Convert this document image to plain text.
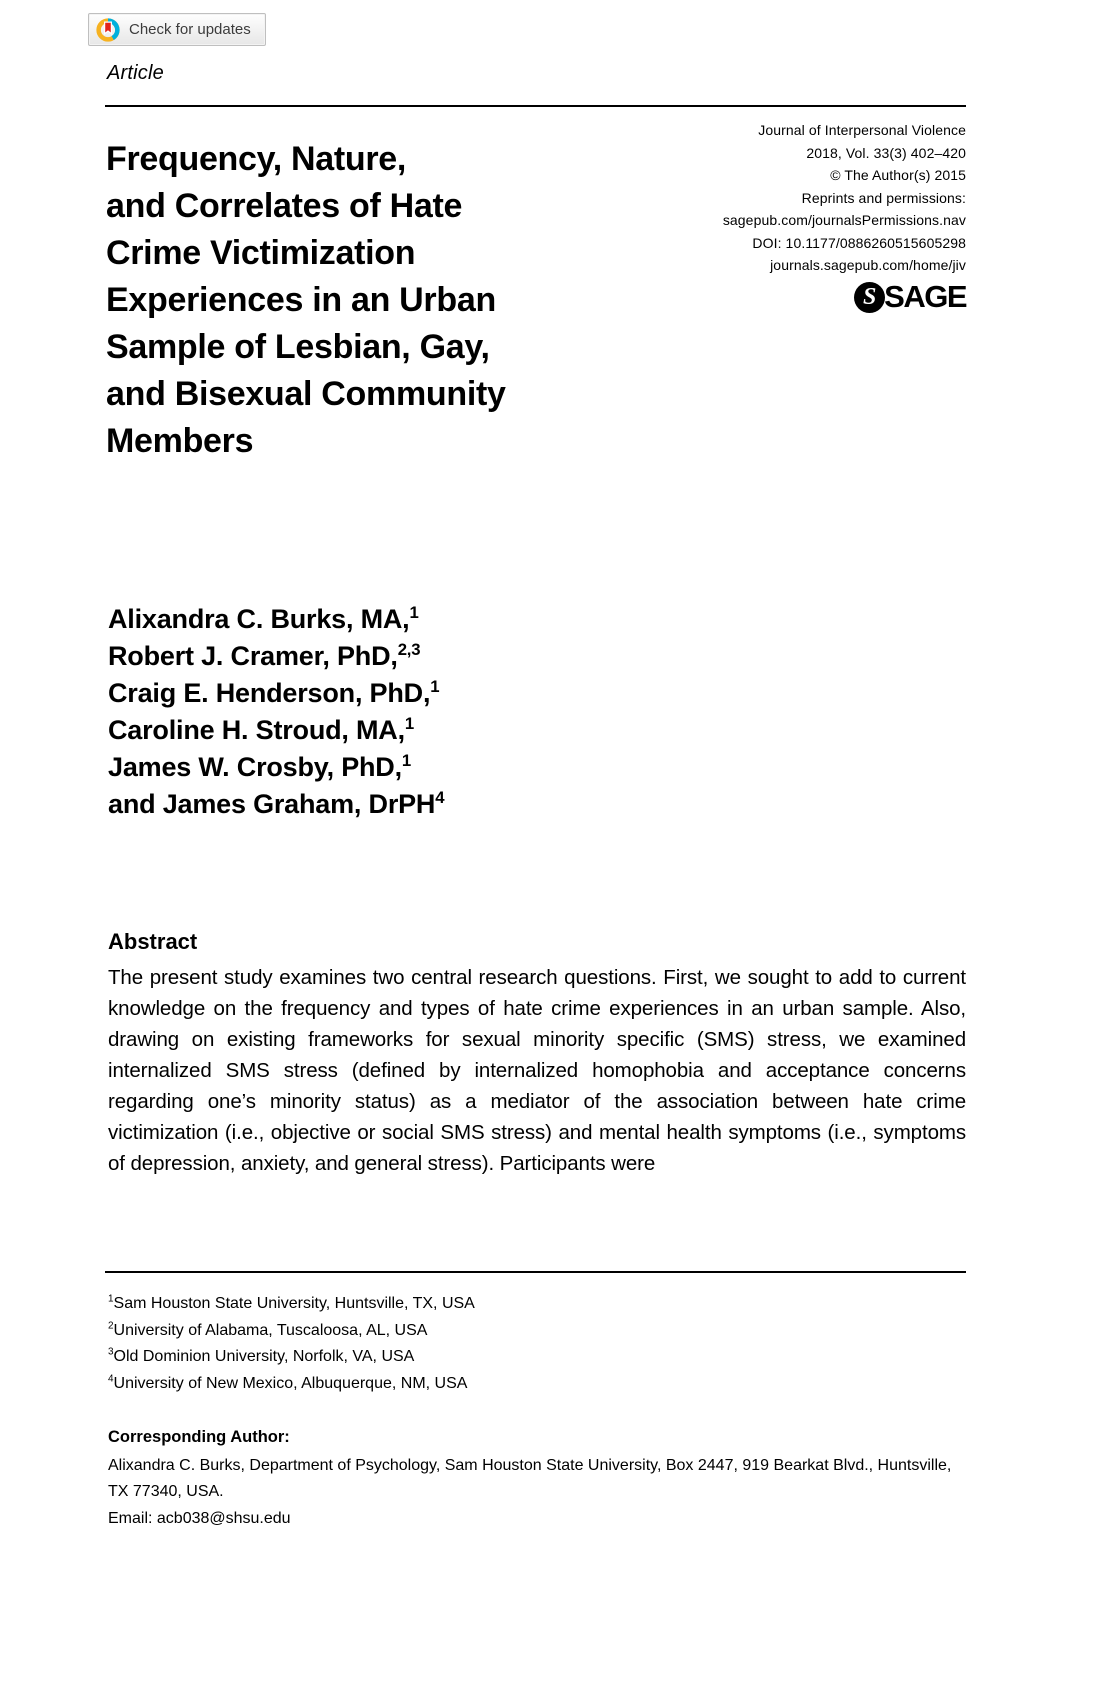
Check for updates
Article
Journal of Interpersonal Violence
2018, Vol. 33(3) 402–420
© The Author(s) 2015
Reprints and permissions:
sagepub.com/journalsPermissions.nav
DOI: 10.1177/0886260515605298
journals.sagepub.com/home/jiv
S SAGE
Frequency, Nature,
and Correlates of Hate
Crime Victimization
Experiences in an Urban
Sample of Lesbian, Gay,
and Bisexual Community
Members
Alixandra C. Burks, MA,$^1$
Robert J. Cramer, PhD,$^{2,3}$
Craig E. Henderson, PhD,$^1$
Caroline H. Stroud, MA,$^1$
James W. Crosby, PhD,$^1$
and James Graham, DrPH$^4$
Abstract

The present study examines two central research questions. First, we sought to add to current knowledge on the frequency and types of hate crime experiences in an urban sample. Also, drawing on existing frameworks for sexual minority specific (SMS) stress, we examined internalized SMS stress (defined by internalized homophobia and acceptance concerns regarding one’s minority status) as a mediator of the association between hate crime victimization (i.e., objective or social SMS stress) and mental health symptoms (i.e., symptoms of depression, anxiety, and general stress). Participants were

$^1$Sam Houston State University, Huntsville, TX, USA
$^2$University of Alabama, Tuscaloosa, AL, USA
$^3$Old Dominion University, Norfolk, VA, USA
$^4$University of New Mexico, Albuquerque, NM, USA
Corresponding Author:
Alixandra C. Burks, Department of Psychology, Sam Houston State University, Box 2447, 919 Bearkat Blvd., Huntsville, TX 77340, USA.
Email: acb038@shsu.edu
